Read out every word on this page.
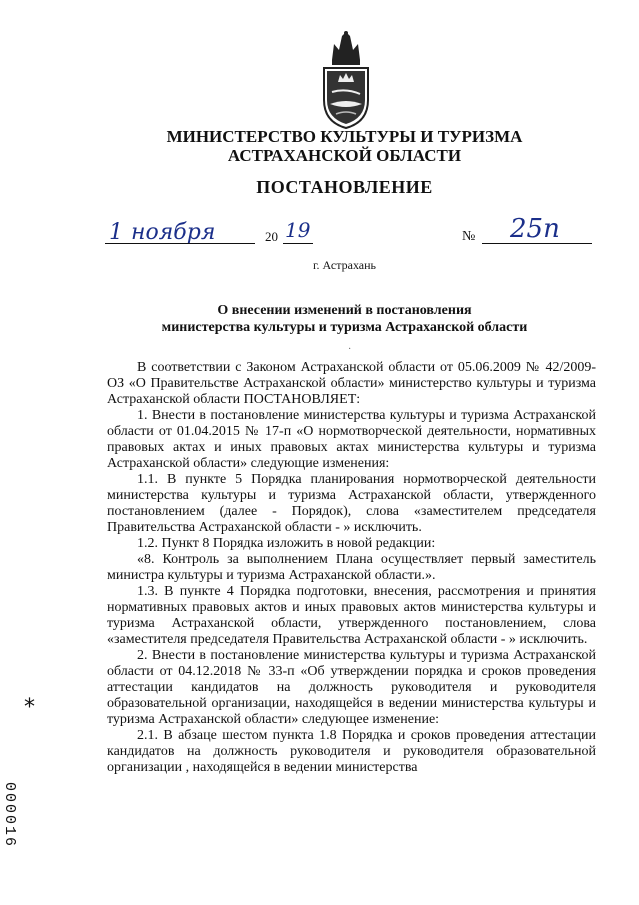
МИНИСТЕРСТВО КУЛЬТУРЫ И ТУРИЗМА
АСТРАХАНСКОЙ ОБЛАСТИ
ПОСТАНОВЛЕНИЕ
1 ноября	20 19	№ 25п
г. Астрахань
О внесении изменений в постановления
министерства культуры и туризма Астраханской области
·

В соответствии с Законом Астраханской области от 05.06.2009 № 42/2009-ОЗ «О Правительстве Астраханской области» министерство культуры и туризма Астраханской области ПОСТАНОВЛЯЕТ:

1. Внести в постановление министерства культуры и туризма Астраханской области от 01.04.2015 № 17-п «О нормотворческой деятельности, нормативных правовых актах и иных правовых актах министерства культуры и туризма Астраханской области» следующие изменения:

1.1. В пункте 5 Порядка планирования нормотворческой деятельности министерства культуры и туризма Астраханской области, утвержденного постановлением (далее - Порядок), слова «заместителем председателя Правительства Астраханской области - » исключить.

1.2. Пункт 8 Порядка изложить в новой редакции:

«8. Контроль за выполнением Плана осуществляет первый заместитель министра культуры и туризма Астраханской области.».

1.3. В пункте 4 Порядка подготовки, внесения, рассмотрения и принятия нормативных правовых актов и иных правовых актов министерства культуры и туризма Астраханской области, утвержденного постановлением, слова «заместителя председателя Правительства Астраханской области - » исключить.

2. Внести в постановление министерства культуры и туризма Астраханской области от 04.12.2018 № 33-п «Об утверждении порядка и сроков проведения аттестации кандидатов на должность руководителя и руководителя образовательной организации, находящейся в ведении министерства культуры и туризма Астраханской области» следующее изменение:

2.1. В абзаце шестом пункта 1.8 Порядка и сроков проведения аттестации кандидатов на должность руководителя и руководителя образовательной организации , находящейся в ведении министерства

*
000016
